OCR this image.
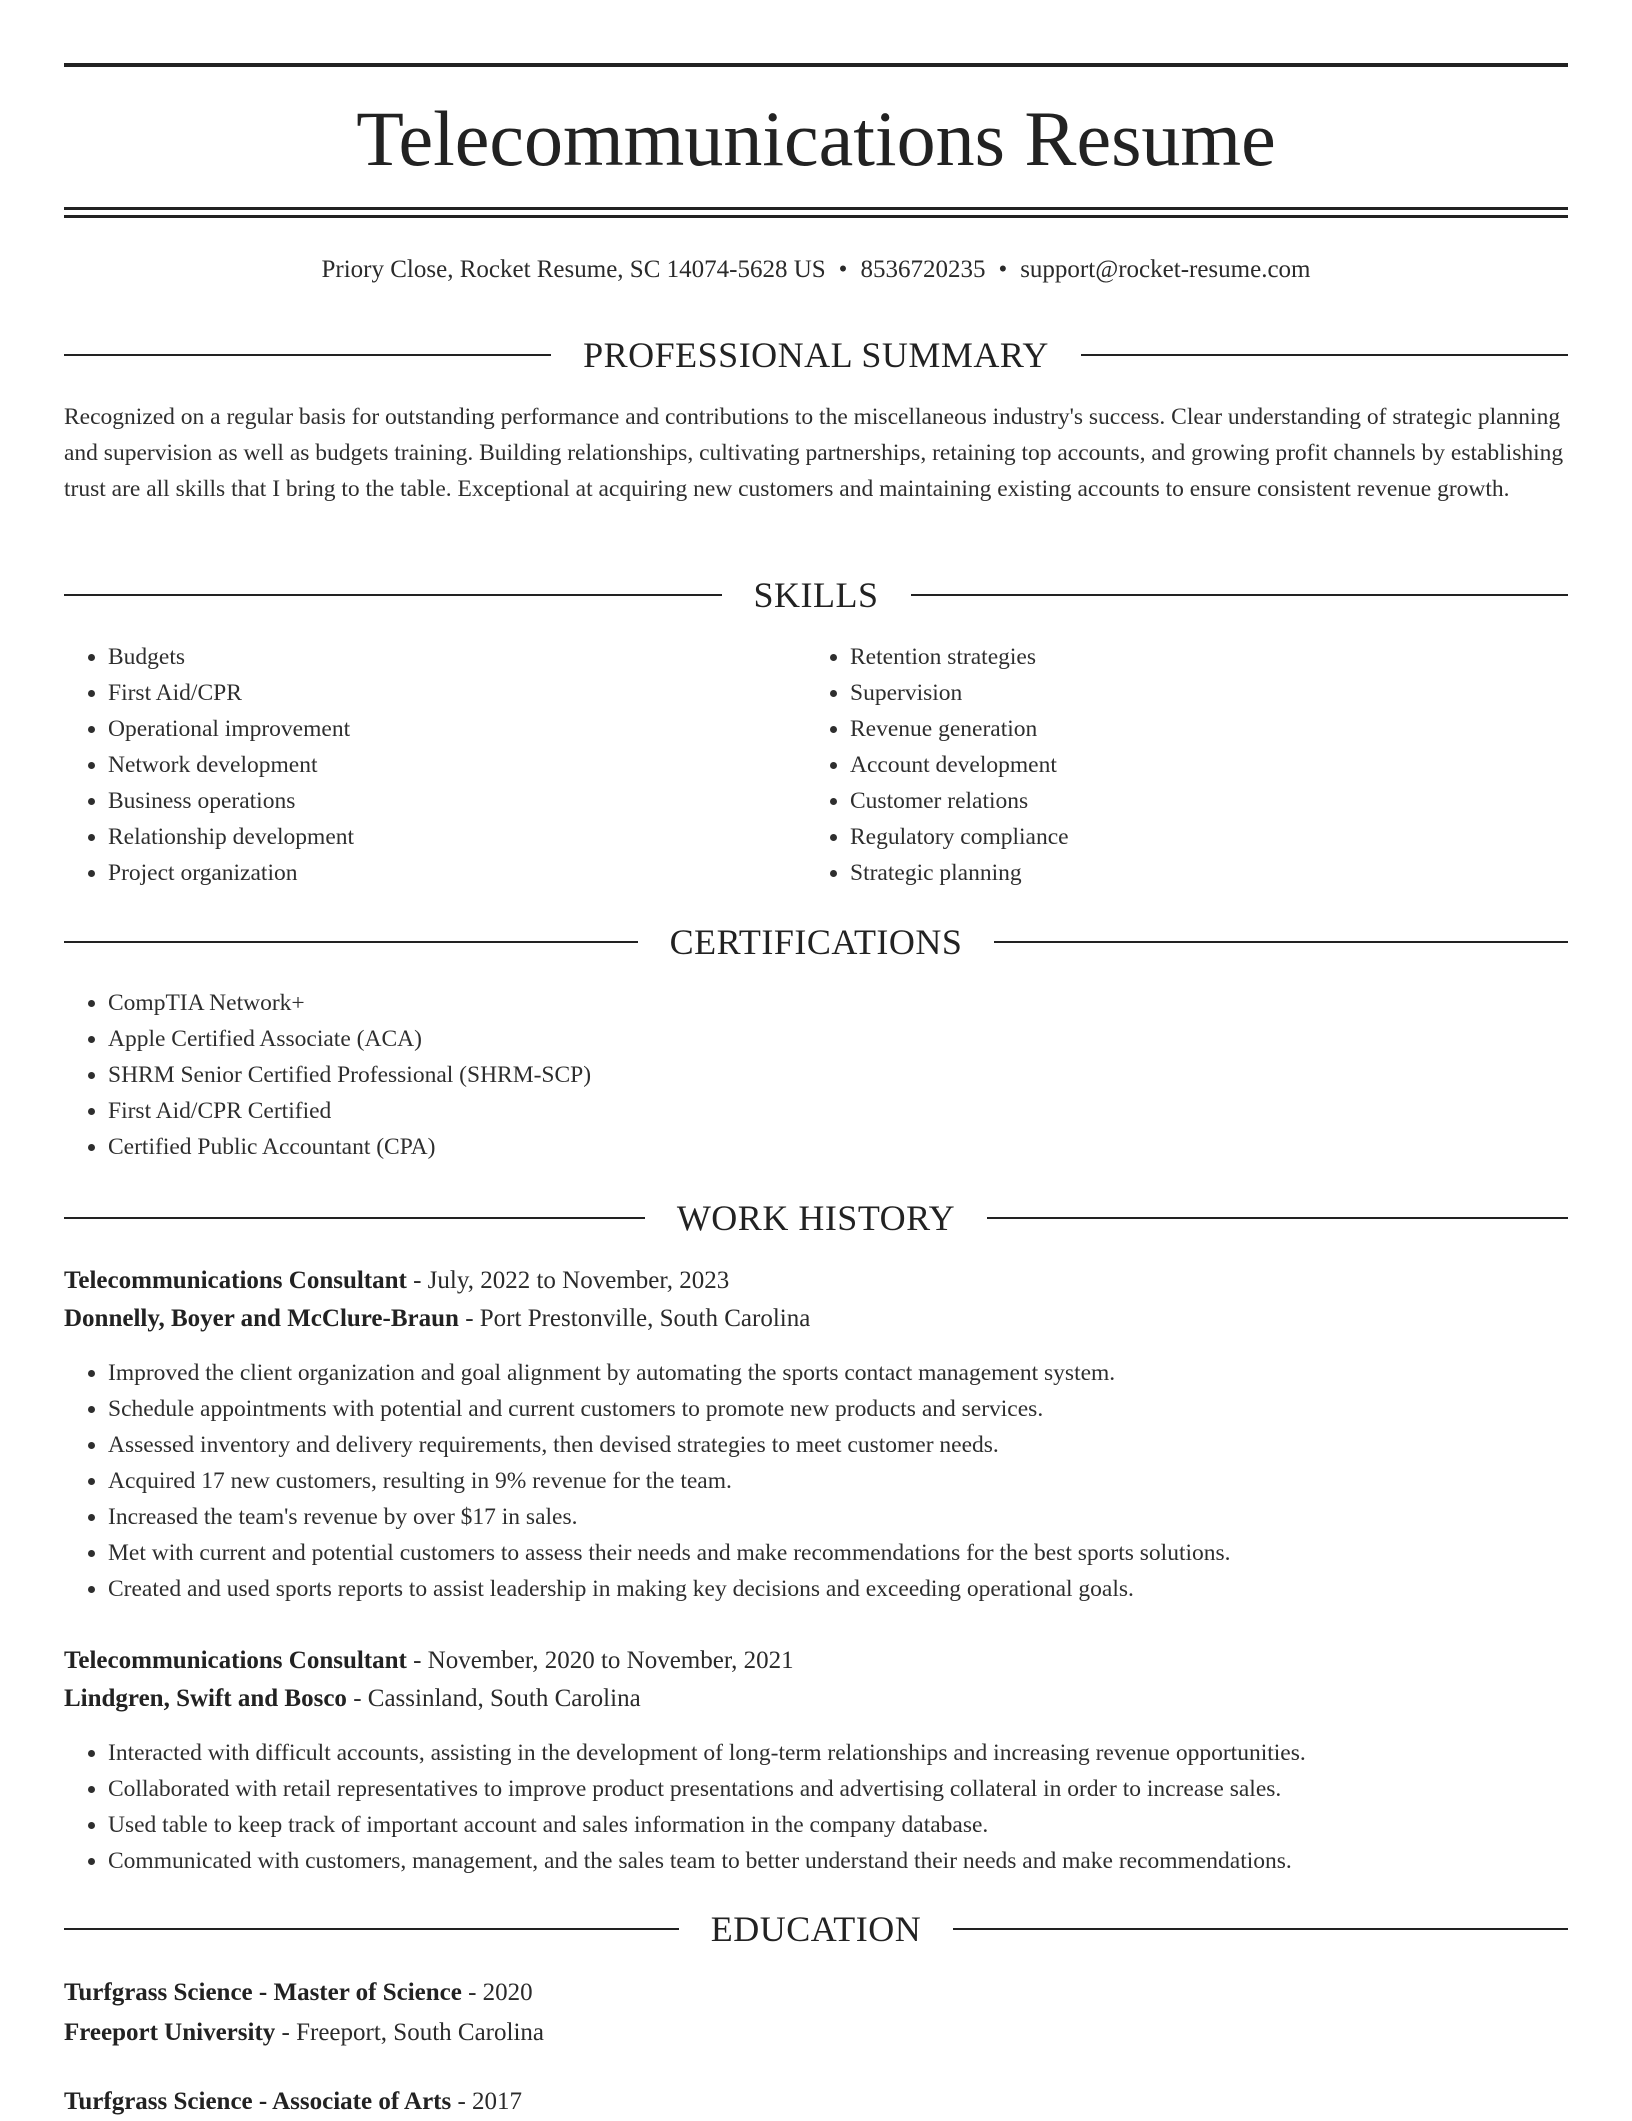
Telecommunications Resume
Priory Close, Rocket Resume, SC 14074-5628 US • 8536720235 • support@rocket-resume.com
PROFESSIONAL SUMMARY
Recognized on a regular basis for outstanding performance and contributions to the miscellaneous industry's success. Clear understanding of strategic planning and supervision as well as budgets training. Building relationships, cultivating partnerships, retaining top accounts, and growing profit channels by establishing trust are all skills that I bring to the table. Exceptional at acquiring new customers and maintaining existing accounts to ensure consistent revenue growth.
SKILLS
• Budgets
• First Aid/CPR
• Operational improvement
• Network development
• Business operations
• Relationship development
• Project organization
• Retention strategies
• Supervision
• Revenue generation
• Account development
• Customer relations
• Regulatory compliance
• Strategic planning
CERTIFICATIONS
• CompTIA Network+
• Apple Certified Associate (ACA)
• SHRM Senior Certified Professional (SHRM-SCP)
• First Aid/CPR Certified
• Certified Public Accountant (CPA)
WORK HISTORY
Telecommunications Consultant - July, 2022 to November, 2023
Donnelly, Boyer and McClure-Braun - Port Prestonville, South Carolina
• Improved the client organization and goal alignment by automating the sports contact management system.
• Schedule appointments with potential and current customers to promote new products and services.
• Assessed inventory and delivery requirements, then devised strategies to meet customer needs.
• Acquired 17 new customers, resulting in 9% revenue for the team.
• Increased the team's revenue by over $17 in sales.
• Met with current and potential customers to assess their needs and make recommendations for the best sports solutions.
• Created and used sports reports to assist leadership in making key decisions and exceeding operational goals.
Telecommunications Consultant - November, 2020 to November, 2021
Lindgren, Swift and Bosco - Cassinland, South Carolina
• Interacted with difficult accounts, assisting in the development of long-term relationships and increasing revenue opportunities.
• Collaborated with retail representatives to improve product presentations and advertising collateral in order to increase sales.
• Used table to keep track of important account and sales information in the company database.
• Communicated with customers, management, and the sales team to better understand their needs and make recommendations.
EDUCATION
Turfgrass Science - Master of Science - 2020
Freeport University - Freeport, South Carolina
Turfgrass Science - Associate of Arts - 2017
